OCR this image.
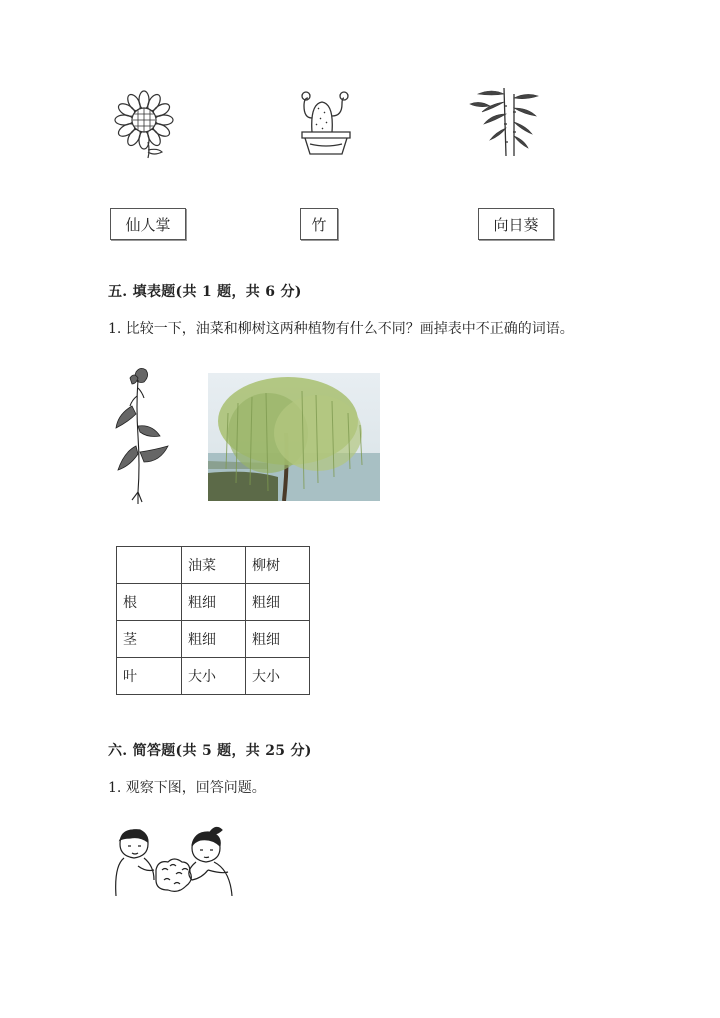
仙人掌	竹	向日葵
五. 填表题(共 1 题，共 6 分)
1. 比较一下，油菜和柳树这两种植物有什么不同？画掉表中不正确的词语。
	油菜	柳树
根	粗细	粗细
茎	粗细	粗细
叶	大小	大小
六. 简答题(共 5 题，共 25 分)
1. 观察下图，回答问题。
